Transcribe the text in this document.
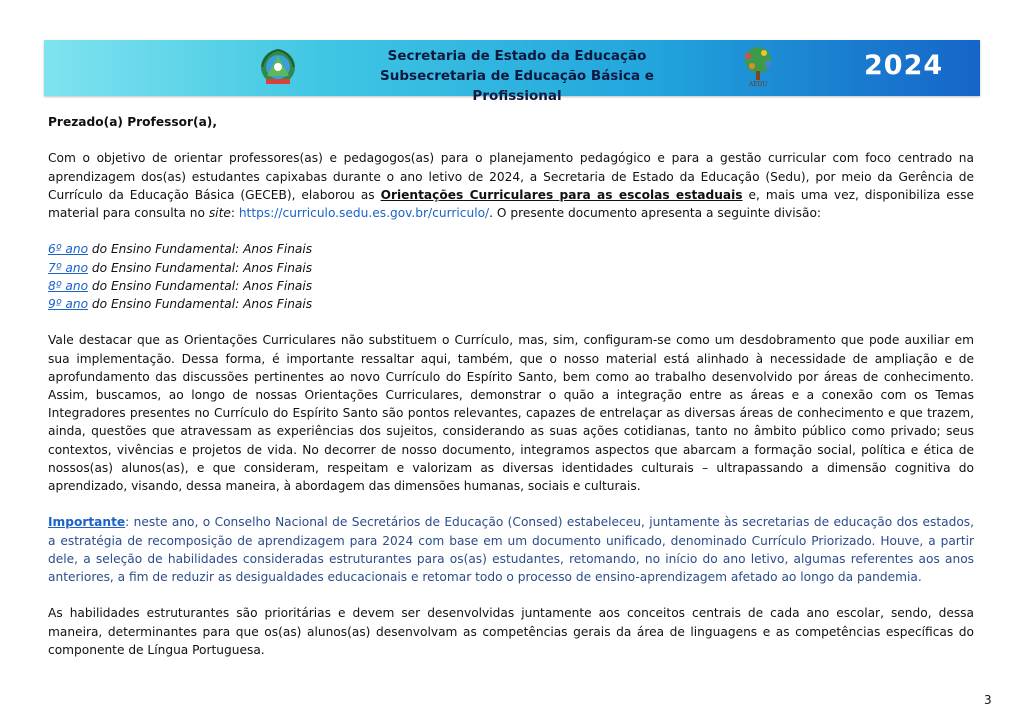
Secretaria de Estado da Educação
Subsecretaria de Educação Básica e Profissional
AEDU
2024

Prezado(a) Professor(a),

Com o objetivo de orientar professores(as) e pedagogos(as) para o planejamento pedagógico e para a gestão curricular com foco centrado na aprendizagem dos(as) estudantes capixabas durante o ano letivo de 2024, a Secretaria de Estado da Educação (Sedu), por meio da Gerência de Currículo da Educação Básica (GECEB), elaborou as Orientações Curriculares para as escolas estaduais e, mais uma vez, disponibiliza esse material para consulta no site: https://curriculo.sedu.es.gov.br/curriculo/. O presente documento apresenta a seguinte divisão:

6º ano do Ensino Fundamental: Anos Finais
7º ano do Ensino Fundamental: Anos Finais
8º ano do Ensino Fundamental: Anos Finais
9º ano do Ensino Fundamental: Anos Finais

Vale destacar que as Orientações Curriculares não substituem o Currículo, mas, sim, configuram-se como um desdobramento que pode auxiliar em sua implementação. Dessa forma, é importante ressaltar aqui, também, que o nosso material está alinhado à necessidade de ampliação e de aprofundamento das discussões pertinentes ao novo Currículo do Espírito Santo, bem como ao trabalho desenvolvido por áreas de conhecimento. Assim, buscamos, ao longo de nossas Orientações Curriculares, demonstrar o quão a integração entre as áreas e a conexão com os Temas Integradores presentes no Currículo do Espírito Santo são pontos relevantes, capazes de entrelaçar as diversas áreas de conhecimento e que trazem, ainda, questões que atravessam as experiências dos sujeitos, considerando as suas ações cotidianas, tanto no âmbito público como privado; seus contextos, vivências e projetos de vida. No decorrer de nosso documento, integramos aspectos que abarcam a formação social, política e ética de nossos(as) alunos(as), e que consideram, respeitam e valorizam as diversas identidades culturais – ultrapassando a dimensão cognitiva do aprendizado, visando, dessa maneira, à abordagem das dimensões humanas, sociais e culturais.

Importante: neste ano, o Conselho Nacional de Secretários de Educação (Consed) estabeleceu, juntamente às secretarias de educação dos estados, a estratégia de recomposição de aprendizagem para 2024 com base em um documento unificado, denominado Currículo Priorizado. Houve, a partir dele, a seleção de habilidades consideradas estruturantes para os(as) estudantes, retomando, no início do ano letivo, algumas referentes aos anos anteriores, a fim de reduzir as desigualdades educacionais e retomar todo o processo de ensino-aprendizagem afetado ao longo da pandemia.

As habilidades estruturantes são prioritárias e devem ser desenvolvidas juntamente aos conceitos centrais de cada ano escolar, sendo, dessa maneira, determinantes para que os(as) alunos(as) desenvolvam as competências gerais da área de linguagens e as competências específicas do componente de Língua Portuguesa.

3
